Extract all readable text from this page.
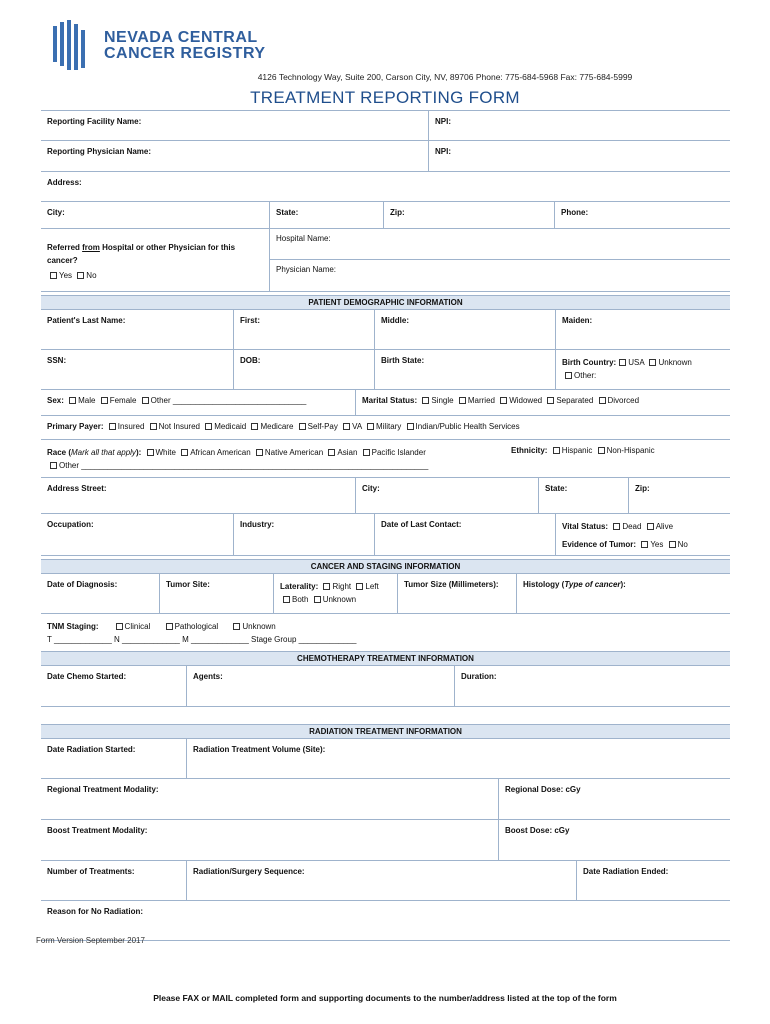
NEVADA CENTRAL
CANCER REGISTRY
4126 Technology Way, Suite 200, Carson City, NV, 89706 Phone: 775-684-5968 Fax: 775-684-5999
TREATMENT REPORTING FORM
Reporting Facility Name:	NPI:
Reporting Physician Name:	NPI:
Address:
City:	State:	Zip:	Phone:
Referred from Hospital or other Physician for this cancer?
Yes No
Hospital Name:
Physician Name:
PATIENT DEMOGRAPHIC INFORMATION
Patient's Last Name:	First:	Middle:	Maiden:
SSN:	DOB:	Birth State:	Birth Country: USA Unknown
Other:
Sex: Male Female Other ______________________________	Marital Status: Single Married Widowed Separated Divorced
Primary Payer: Insured Not Insured Medicaid Medicare Self-Pay VA Military Indian/Public Health Services
Race (Mark all that apply): White African American Native American Asian Pacific Islander
Other ______________________________________________________________________________
Ethnicity: Hispanic Non-Hispanic
Address Street:	City:	State:	Zip:
Occupation:	Industry:	Date of Last Contact:	Vital Status: Dead Alive
Evidence of Tumor: Yes No
CANCER AND STAGING INFORMATION
Date of Diagnosis:	Tumor Site:	Laterality: Right Left
Both Unknown
Tumor Size (Millimeters):	Histology (Type of cancer):
TNM Staging:	Clinical	Pathological	Unknown
T _____________ N _____________ M _____________ Stage Group _____________
CHEMOTHERAPY TREATMENT INFORMATION
Date Chemo Started:	Agents:	Duration:
RADIATION TREATMENT INFORMATION
Date Radiation Started:	Radiation Treatment Volume (Site):
Regional Treatment Modality:	Regional Dose: cGy
Boost Treatment Modality:	Boost Dose: cGy
Number of Treatments:	Radiation/Surgery Sequence:	Date Radiation Ended:
Reason for No Radiation:
Form Version September 2017
Please FAX or MAIL completed form and supporting documents to the number/address listed at the top of the form
